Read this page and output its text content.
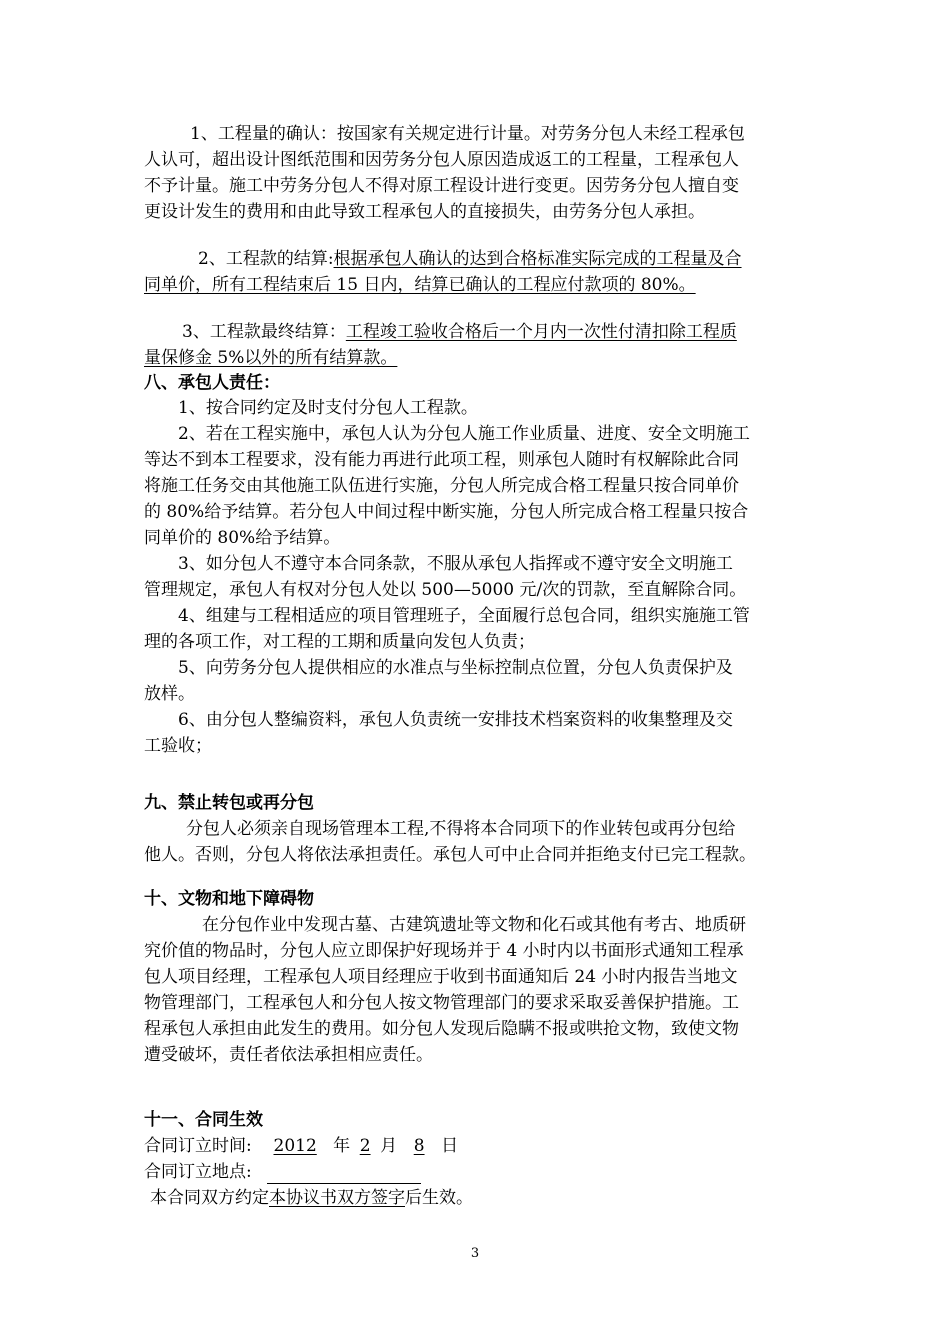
1、工程量的确认：按国家有关规定进行计量。对劳务分包人未经工程承包
人认可，超出设计图纸范围和因劳务分包人原因造成返工的工程量，工程承包人
不予计量。施工中劳务分包人不得对原工程设计进行变更。因劳务分包人擅自变
更设计发生的费用和由此导致工程承包人的直接损失，由劳务分包人承担。
2、工程款的结算:根据承包人确认的达到合格标准实际完成的工程量及合
同单价，所有工程结束后 15 日内，结算已确认的工程应付款项的 80%。
3、工程款最终结算：工程竣工验收合格后一个月内一次性付清扣除工程质
量保修金 5%以外的所有结算款。
八、承包人责任：
1、按合同约定及时支付分包人工程款。
2、若在工程实施中，承包人认为分包人施工作业质量、进度、安全文明施工
等达不到本工程要求，没有能力再进行此项工程，则承包人随时有权解除此合同
将施工任务交由其他施工队伍进行实施，分包人所完成合格工程量只按合同单价
的 80%给予结算。若分包人中间过程中断实施，分包人所完成合格工程量只按合
同单价的 80%给予结算。
3、如分包人不遵守本合同条款，不服从承包人指挥或不遵守安全文明施工
管理规定，承包人有权对分包人处以 500—5000 元/次的罚款，至直解除合同。
4、组建与工程相适应的项目管理班子，全面履行总包合同，组织实施施工管
理的各项工作，对工程的工期和质量向发包人负责；
5、向劳务分包人提供相应的水准点与坐标控制点位置，分包人负责保护及
放样。
6、由分包人整编资料，承包人负责统一安排技术档案资料的收集整理及交
工验收；
九、禁止转包或再分包
分包人必须亲自现场管理本工程,不得将本合同项下的作业转包或再分包给
他人。否则，分包人将依法承担责任。承包人可中止合同并拒绝支付已完工程款。
十、文物和地下障碍物
在分包作业中发现古墓、古建筑遗址等文物和化石或其他有考古、地质研
究价值的物品时，分包人应立即保护好现场并于 4 小时内以书面形式通知工程承
包人项目经理，工程承包人项目经理应于收到书面通知后 24 小时内报告当地文
物管理部门，工程承包人和分包人按文物管理部门的要求采取妥善保护措施。工
程承包人承担由此发生的费用。如分包人发现后隐瞒不报或哄抢文物，致使文物
遭受破坏，责任者依法承担相应责任。
十一、合同生效
合同订立时间: 2012 年 2 月 8 日
合同订立地点:
本合同双方约定本协议书双方签字后生效。
3
